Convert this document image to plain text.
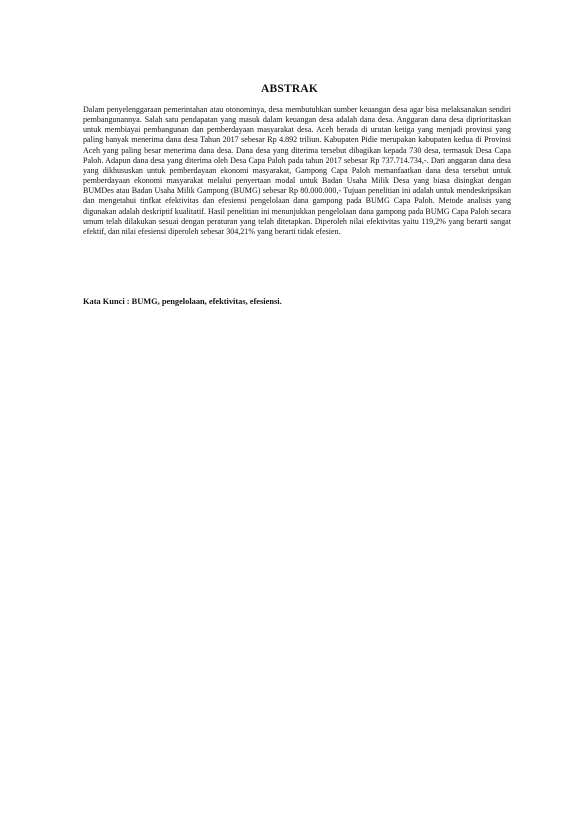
ABSTRAK

Dalam penyelenggaraan pemerintahan atau otonominya, desa membutuhkan sumber keuangan desa agar bisa melaksanakan sendiri pembangunannya. Salah satu pendapatan yang masuk dalam keuangan desa adalah dana desa. Anggaran dana desa diprioritaskan untuk membiayai pembangunan dan pemberdayaan masyarakat desa. Aceh berada di urutan ketiga yang menjadi provinsi yang paling banyak menerima dana desa Tahun 2017 sebesar Rp 4.892 triliun. Kabupaten Pidie merupakan kabupaten kedua di Provinsi Aceh yang paling besar menerima dana desa. Dana desa yang diterima tersebut dibagikan kepada 730 desa, termasuk Desa Capa Paloh. Adapun dana desa yang diterima oleh Desa Capa Paloh pada tahun 2017 sebesar Rp 737.714.734,-. Dari anggaran dana desa yang dikhususkan untuk pemberdayaan ekonomi masyarakat, Gampong Capa Paloh memanfaatkan dana desa tersebut untuk pemberdayaan ekonomi masyarakat melalui penyertaan modal untuk Badan Usaha Milik Desa yang biasa disingkat dengan BUMDes atau Badan Usaha Milik Gampong (BUMG) sebesar Rp 80.000.000,- Tujuan penelitian ini adalah untuk mendeskripsikan dan mengetahui tinfkat efektivitas dan efesiensi pengelolaan dana gampong pada BUMG Capa Paloh. Metode analisis yang digunakan adalah deskriptif kualitatif. Hasil penelitian ini menunjukkan pengelolaan dana gampong pada BUMG Capa Paloh secara umum telah dilakukan sesuai dengan peraturan yang telah ditetapkan. Diperoleh nilai efektivitas yaitu 119,2% yang berarti sangat efektif, dan nilai efesiensi diperoleh sebesar 304,21% yang berarti tidak efesien.

Kata Kunci : BUMG, pengelolaan, efektivitas, efesiensi.
